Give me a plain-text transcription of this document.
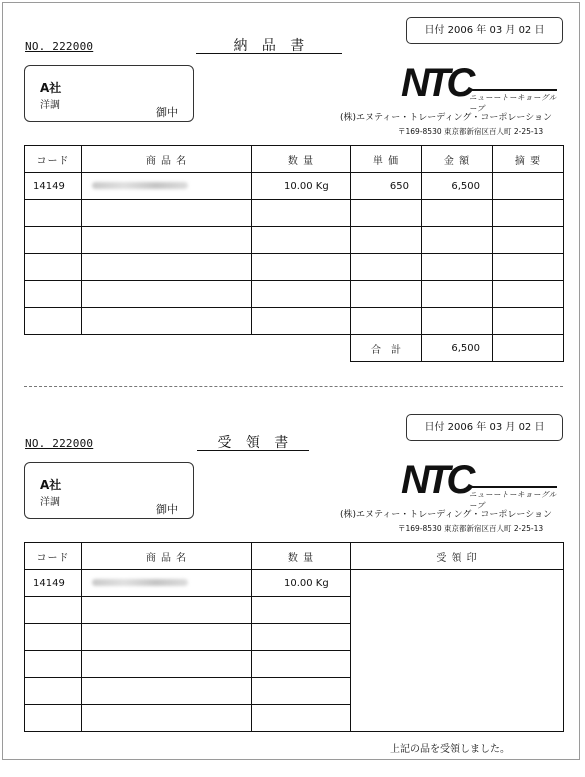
NO. 222000	納　品　書
日付 2006 年 03 月 02 日
A社
洋調
御中
NTC
ニューートーキョーグループ
(株)エヌティー・トレーディング・コーポレーション
〒169-8530 東京都新宿区百人町 2-25-13
コード	商 品 名	数 量	単 価	金 額	摘 要
14149		10.00 Kg	650	6,500	

			合　計	6,500	
NO. 222000	受　領　書
日付 2006 年 03 月 02 日
A社
洋調
御中
NTC
ニューートーキョーグループ
(株)エヌティー・トレーディング・コーポレーション
〒169-8530 東京都新宿区百人町 2-25-13
コード	商 品 名	数 量	受 領 印
14149		10.00 Kg	

上記の品を受領しました。
